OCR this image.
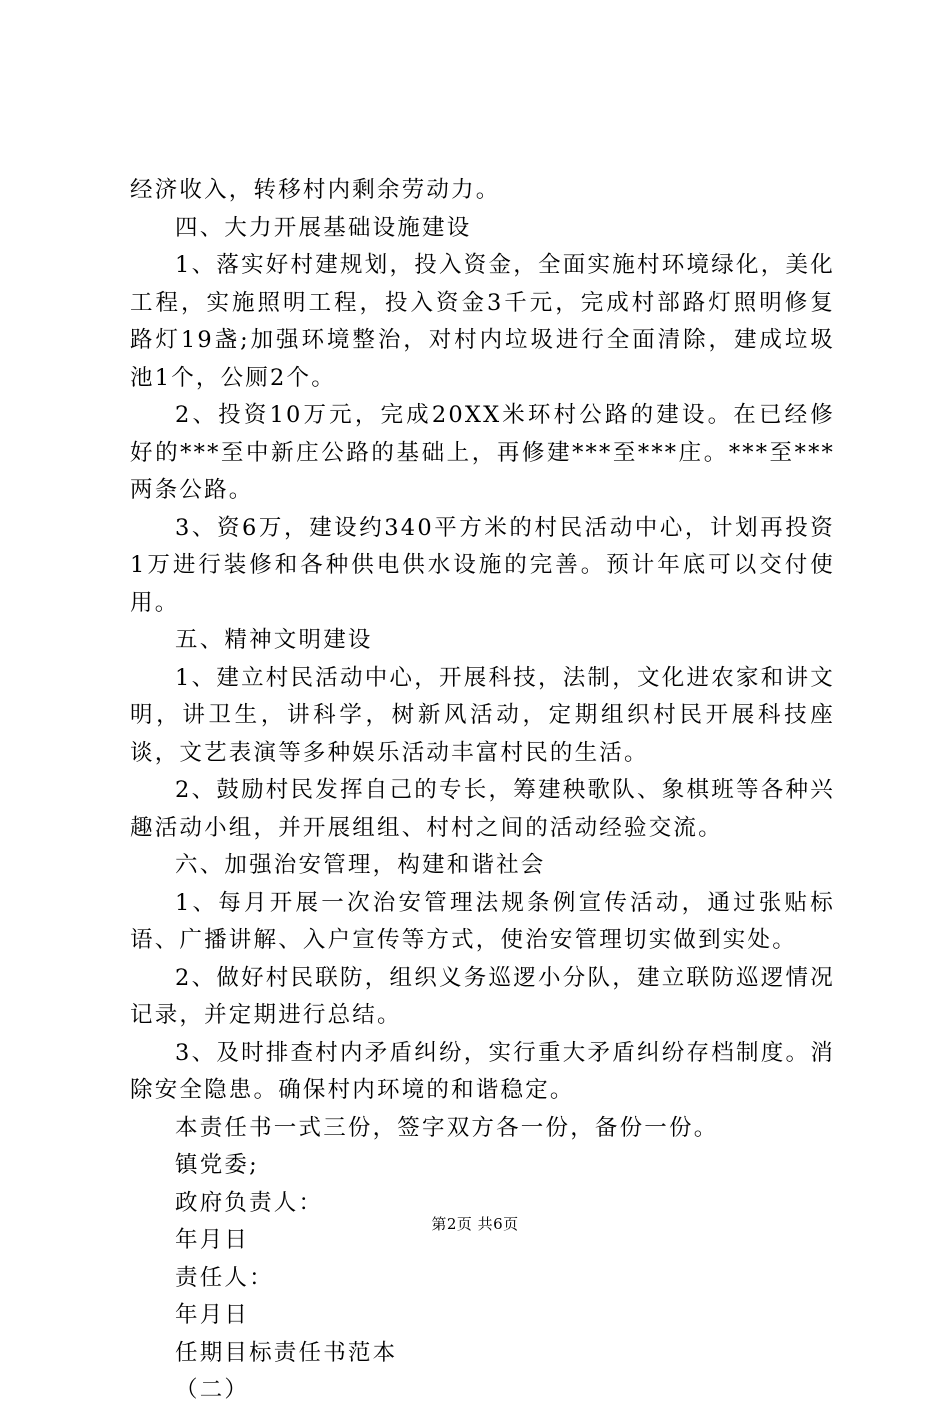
经济收入，转移村内剩余劳动力。

四、大力开展基础设施建设

1、落实好村建规划，投入资金，全面实施村环境绿化，美化工程，实施照明工程，投入资金3千元，完成村部路灯照明修复路灯19盏;加强环境整治，对村内垃圾进行全面清除，建成垃圾池1个，公厕2个。

2、投资10万元，完成20XX米环村公路的建设。在已经修好的***至中新庄公路的基础上，再修建***至***庄。***至***两条公路。

3、资6万，建设约340平方米的村民活动中心，计划再投资1万进行装修和各种供电供水设施的完善。预计年底可以交付使用。

五、精神文明建设

1、建立村民活动中心，开展科技，法制，文化进农家和讲文明，讲卫生，讲科学，树新风活动，定期组织村民开展科技座谈，文艺表演等多种娱乐活动丰富村民的生活。

2、鼓励村民发挥自己的专长，筹建秧歌队、象棋班等各种兴趣活动小组，并开展组组、村村之间的活动经验交流。

六、加强治安管理，构建和谐社会

1、每月开展一次治安管理法规条例宣传活动，通过张贴标语、广播讲解、入户宣传等方式，使治安管理切实做到实处。

2、做好村民联防，组织义务巡逻小分队，建立联防巡逻情况记录，并定期进行总结。

3、及时排查村内矛盾纠纷，实行重大矛盾纠纷存档制度。消除安全隐患。确保村内环境的和谐稳定。

本责任书一式三份，签字双方各一份，备份一份。

镇党委;

政府负责人：

年月日

责任人：

年月日

任期目标责任书范本

（二）

第2页 共6页
